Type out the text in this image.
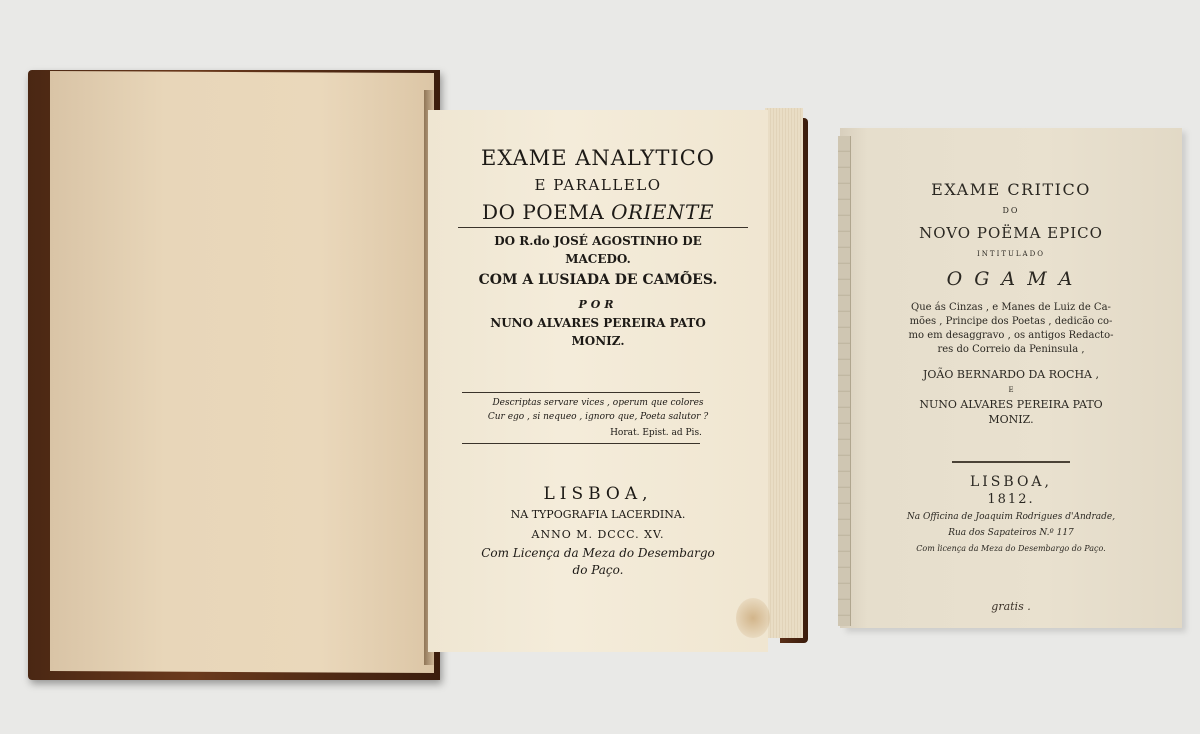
EXAME ANALYTICO
E PARALLELO
DO POEMA ORIENTE
DO R.do JOSÉ AGOSTINHO DE
MACEDO.
COM A LUSIADA DE CAMÕES.
POR
NUNO ALVARES PEREIRA PATO
MONIZ.
Descriptas servare vices , operum que colores
Cur ego , si nequeo , ignoro que, Poeta salutor ?
Horat. Epist. ad Pis.
LISBOA,
NA TYPOGRAFIA LACERDINA.
ANNO M. DCCC. XV.
Com Licença da Meza do Desembargo
do Paço.
EXAME CRITICO
DO
NOVO POËMA EPICO
INTITULADO
O G A M A
Que ás Cinzas , e Manes de Luiz de Ca-
mões , Principe dos Poetas , dedicão co-
mo em desaggravo , os antigos Redacto-
res do Correio da Peninsula ,
JOÃO BERNARDO DA ROCHA ,
E
NUNO ALVARES PEREIRA PATO
MONIZ.
LISBOA,
1812.
Na Officina de Joaquim Rodrigues d'Andrade,
Rua dos Sapateiros N.º 117
Com licença da Meza do Desembargo do Paço.
gratis .
